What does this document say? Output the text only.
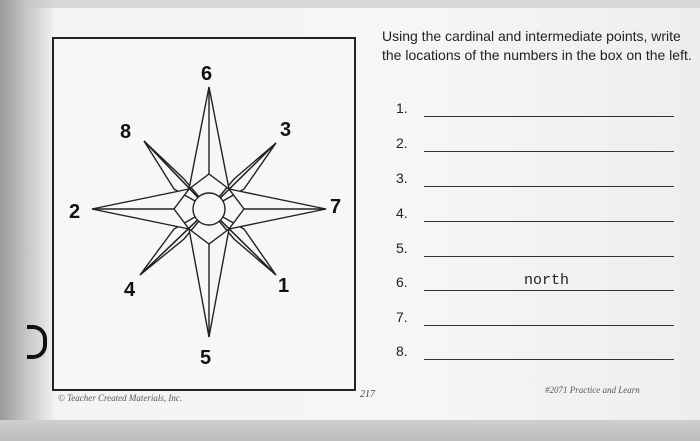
6
3
7
1
5
4
2
8
Using the cardinal and intermediate points, write the locations of the numbers in the box on the left.
1.
2.
3.
4.
5.
6.	north
7.
8.
© Teacher Created Materials, Inc.	217	#2071 Practice and Learn
